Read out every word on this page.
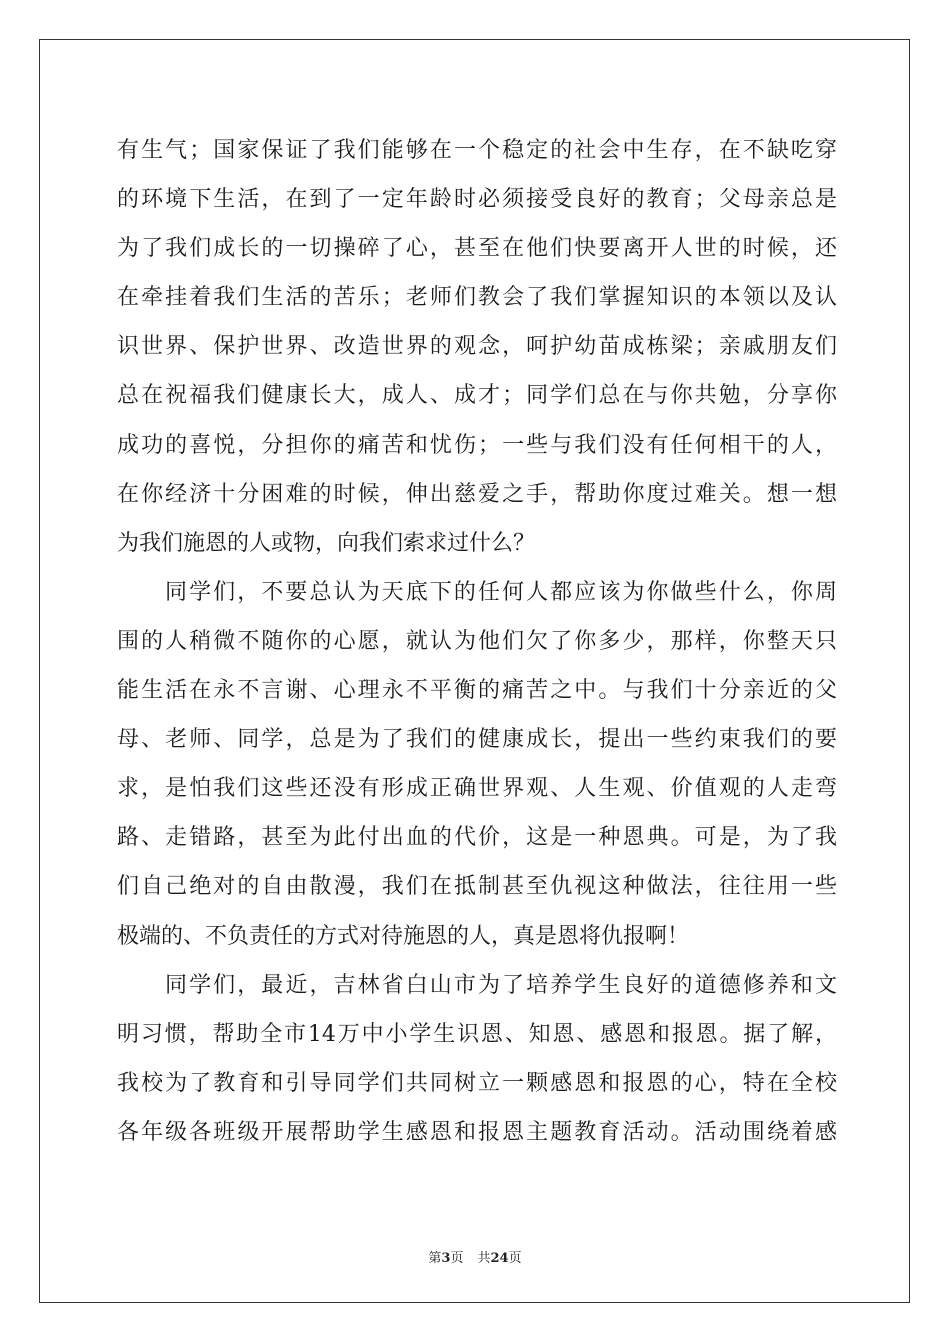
有生气；国家保证了我们能够在一个稳定的社会中生存，在不缺吃穿
的环境下生活，在到了一定年龄时必须接受良好的教育；父母亲总是
为了我们成长的一切操碎了心，甚至在他们快要离开人世的时候，还
在牵挂着我们生活的苦乐；老师们教会了我们掌握知识的本领以及认
识世界、保护世界、改造世界的观念，呵护幼苗成栋梁；亲戚朋友们
总在祝福我们健康长大，成人、成才；同学们总在与你共勉，分享你
成功的喜悦，分担你的痛苦和忧伤；一些与我们没有任何相干的人，
在你经济十分困难的时候，伸出慈爱之手，帮助你度过难关。想一想
为我们施恩的人或物，向我们索求过什么？
同学们，不要总认为天底下的任何人都应该为你做些什么，你周
围的人稍微不随你的心愿，就认为他们欠了你多少，那样，你整天只
能生活在永不言谢、心理永不平衡的痛苦之中。与我们十分亲近的父
母、老师、同学，总是为了我们的健康成长，提出一些约束我们的要
求，是怕我们这些还没有形成正确世界观、人生观、价值观的人走弯
路、走错路，甚至为此付出血的代价，这是一种恩典。可是，为了我
们自己绝对的自由散漫，我们在抵制甚至仇视这种做法，往往用一些
极端的、不负责任的方式对待施恩的人，真是恩将仇报啊！
同学们，最近，吉林省白山市为了培养学生良好的道德修养和文
明习惯，帮助全市14万中小学生识恩、知恩、感恩和报恩。据了解，
我校为了教育和引导同学们共同树立一颗感恩和报恩的心，特在全校
各年级各班级开展帮助学生感恩和报恩主题教育活动。活动围绕着感
第3页 共24页
